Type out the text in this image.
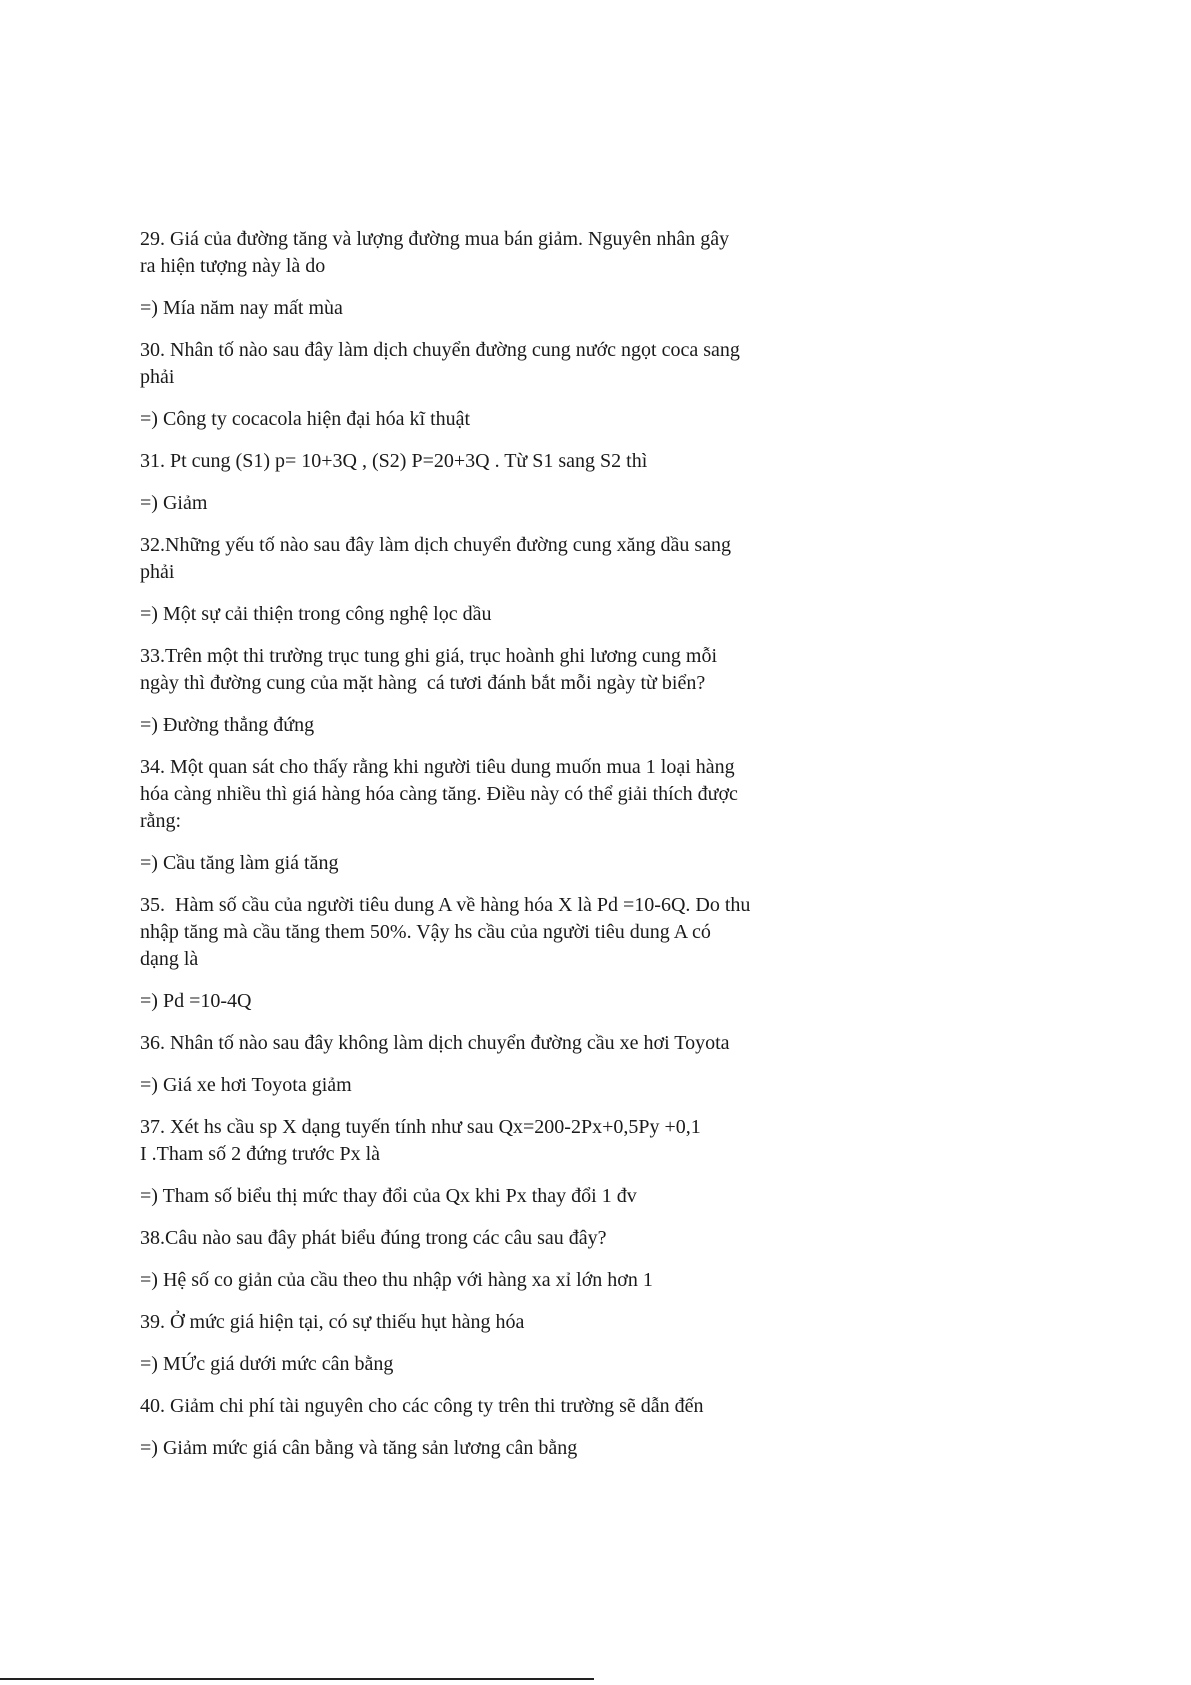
29. Giá của đường tăng và lượng đường mua bán giảm. Nguyên nhân gây
ra hiện tượng này là do

=) Mía năm nay mất mùa

30. Nhân tố nào sau đây làm dịch chuyển đường cung nước ngọt coca sang
phải

=) Công ty cocacola hiện đại hóa kĩ thuật

31. Pt cung (S1) p= 10+3Q , (S2) P=20+3Q . Từ S1 sang S2 thì

=) Giảm

32.Những yếu tố nào sau đây làm dịch chuyển đường cung xăng dầu sang
phải

=) Một sự cải thiện trong công nghệ lọc dầu

33.Trên một thi trường trục tung ghi giá, trục hoành ghi lương cung mỗi
ngày thì đường cung của mặt hàng  cá tươi đánh bắt mỗi ngày từ biển?

=) Đường thẳng đứng

34. Một quan sát cho thấy rằng khi người tiêu dung muốn mua 1 loại hàng
hóa càng nhiều thì giá hàng hóa càng tăng. Điều này có thể giải thích được
rằng:

=) Cầu tăng làm giá tăng

35.  Hàm số cầu của người tiêu dung A về hàng hóa X là Pd =10-6Q. Do thu
nhập tăng mà cầu tăng them 50%. Vậy hs cầu của người tiêu dung A có
dạng là

=) Pd =10-4Q

36. Nhân tố nào sau đây không làm dịch chuyển đường cầu xe hơi Toyota

=) Giá xe hơi Toyota giảm

37. Xét hs cầu sp X dạng tuyến tính như sau Qx=200-2Px+0,5Py +0,1
I .Tham số 2 đứng trước Px là

=) Tham số biểu thị mức thay đổi của Qx khi Px thay đổi 1 đv

38.Câu nào sau đây phát biểu đúng trong các câu sau đây?

=) Hệ số co giản của cầu theo thu nhập với hàng xa xỉ lớn hơn 1

39. Ở mức giá hiện tại, có sự thiếu hụt hàng hóa

=) MỨc giá dưới mức cân bằng

40. Giảm chi phí tài nguyên cho các công ty trên thi trường sẽ dẫn đến

=) Giảm mức giá cân bằng và tăng sản lương cân bằng
